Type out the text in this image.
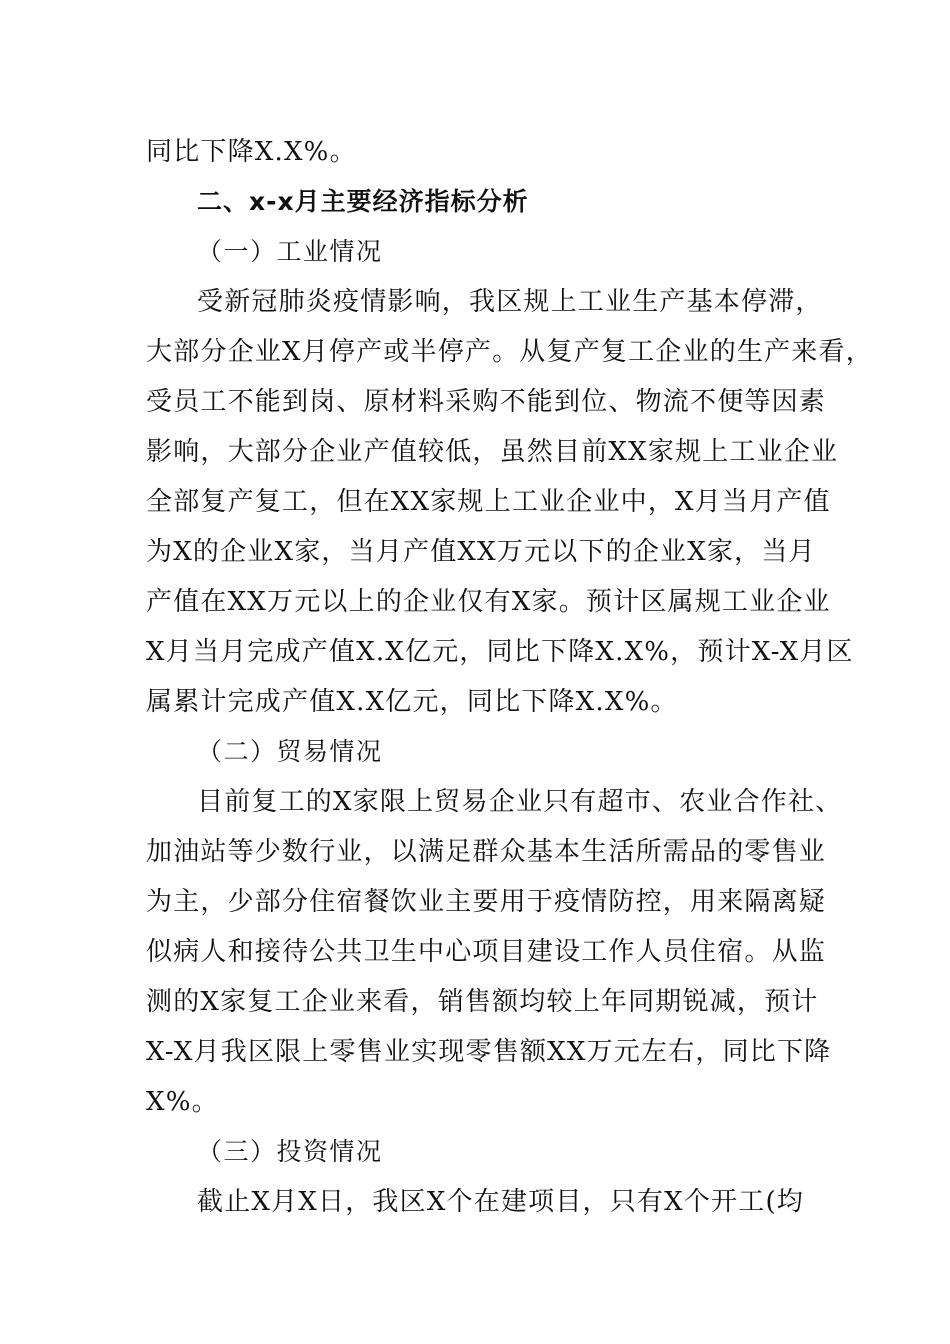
同比下降X.X%。
二、x-x月主要经济指标分析
（一）工业情况
受新冠肺炎疫情影响，我区规上工业生产基本停滞，
大部分企业X月停产或半停产。从复产复工企业的生产来看，
受员工不能到岗、原材料采购不能到位、物流不便等因素
影响，大部分企业产值较低，虽然目前XX家规上工业企业
全部复产复工，但在XX家规上工业企业中，X月当月产值
为X的企业X家，当月产值XX万元以下的企业X家，当月
产值在XX万元以上的企业仅有X家。预计区属规工业企业
X月当月完成产值X.X亿元，同比下降X.X%，预计X-X月区
属累计完成产值X.X亿元，同比下降X.X%。
（二）贸易情况
目前复工的X家限上贸易企业只有超市、农业合作社、
加油站等少数行业，以满足群众基本生活所需品的零售业
为主，少部分住宿餐饮业主要用于疫情防控，用来隔离疑
似病人和接待公共卫生中心项目建设工作人员住宿。从监
测的X家复工企业来看，销售额均较上年同期锐减，预计
X-X月我区限上零售业实现零售额XX万元左右，同比下降
X%。
（三）投资情况
截止X月X日，我区X个在建项目，只有X个开工(均
